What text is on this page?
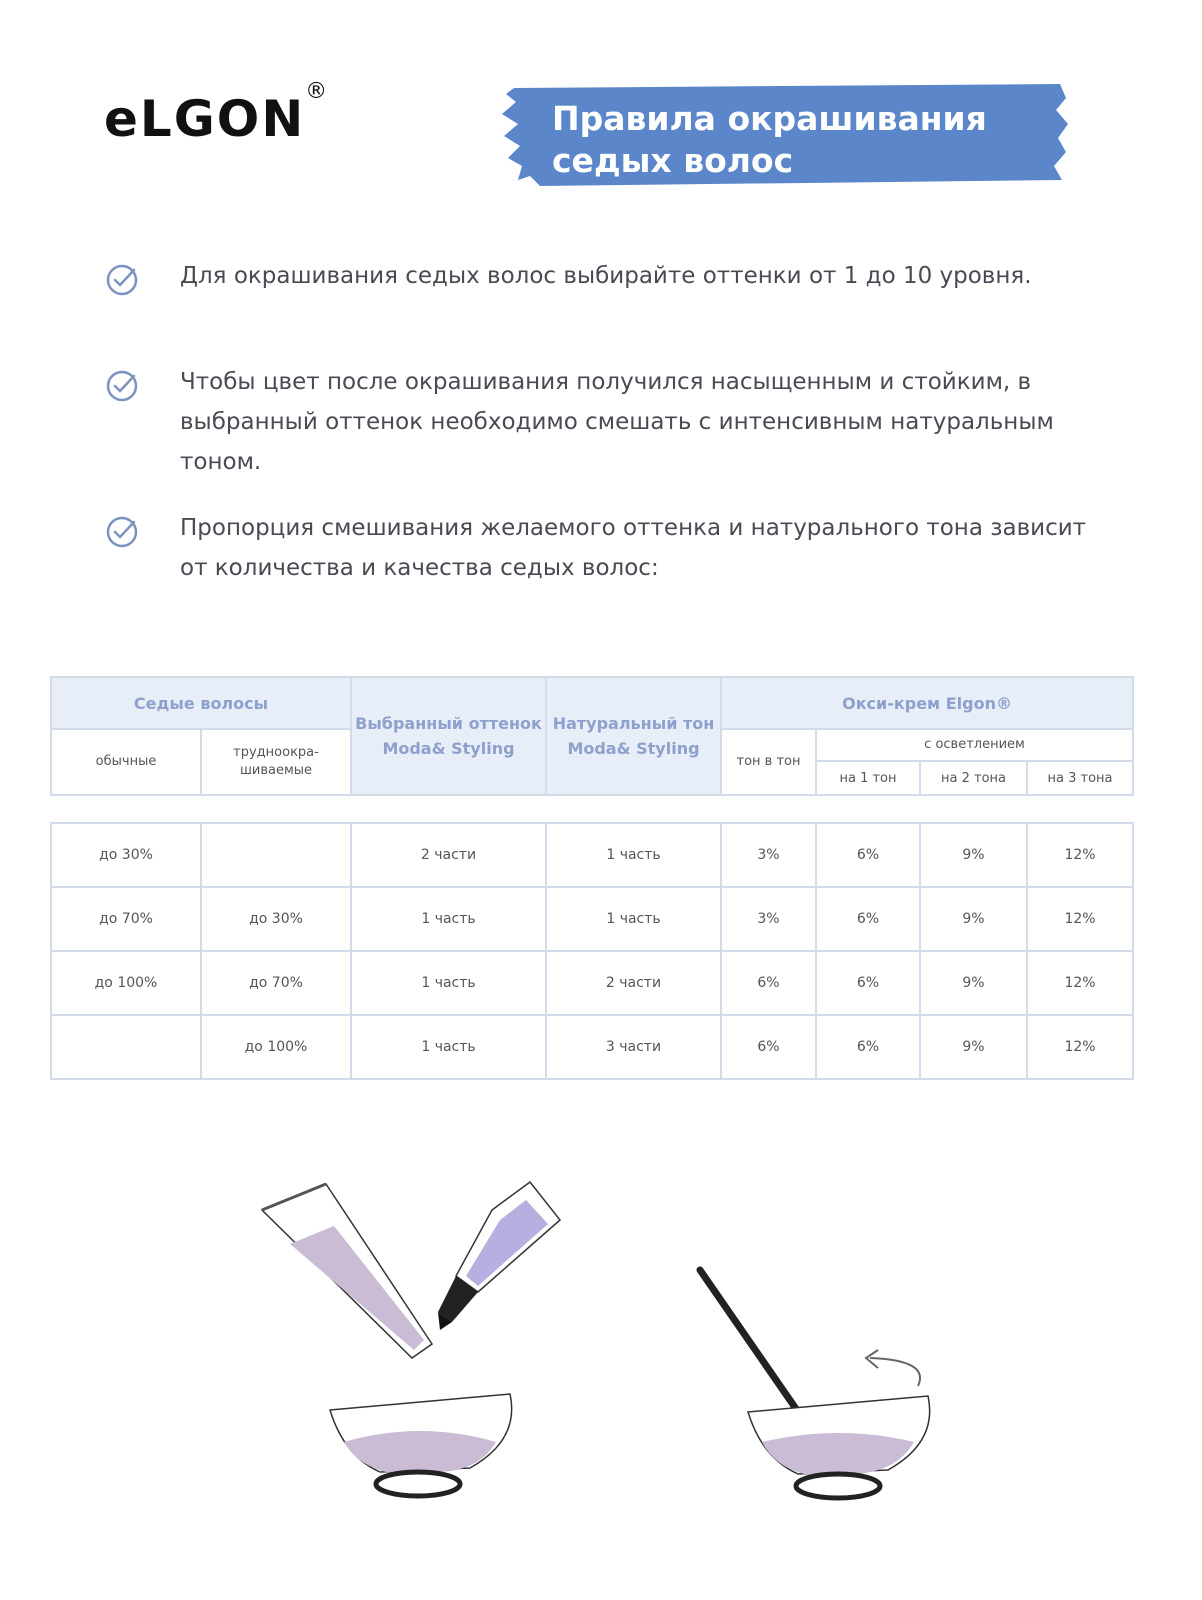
eLGON®
Правила окрашивания
седых волос
Для окрашивания седых волос выбирайте оттенки от 1 до 10 уровня.
Чтобы цвет после окрашивания получился насыщенным и стойким, в выбранный оттенок необходимо смешать с интенсивным натуральным тоном.
Пропорция смешивания желаемого оттенка и натурального тона зависит от количества и качества седых волос:
Седые волосы		Выбранный оттенок Moda& Styling	Натуральный тон Moda& Styling	Окси-крем Elgon®			
обычные	трудноокра-шиваемые			тон в тон	с осветлением		
					на 1 тон	на 2 тона	на 3 тона
до 30%		2 части	1 часть	3%	6%	9%	12%
до 70%	до 30%	1 часть	1 часть	3%	6%	9%	12%
до 100%	до 70%	1 часть	2 части	6%	6%	9%	12%
	до 100%	1 часть	3 части	6%	6%	9%	12%
